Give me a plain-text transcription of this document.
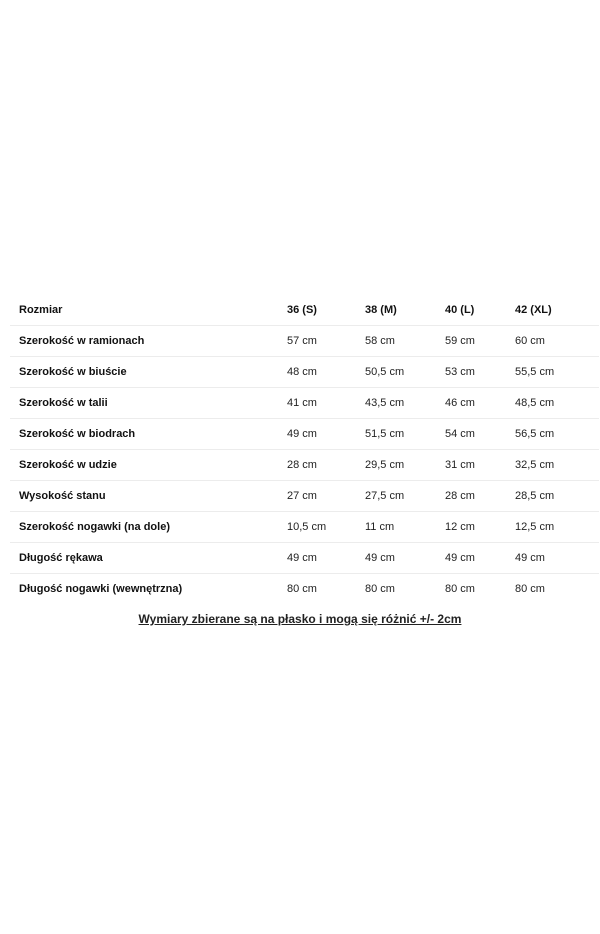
Rozmiar	36 (S)	38 (M)	40 (L)	42 (XL)
Szerokość w ramionach	57 cm	58 cm	59 cm	60 cm
Szerokość w biuście	48 cm	50,5 cm	53 cm	55,5 cm
Szerokość w talii	41 cm	43,5 cm	46 cm	48,5 cm
Szerokość w biodrach	49 cm	51,5 cm	54 cm	56,5 cm
Szerokość w udzie	28 cm	29,5 cm	31 cm	32,5 cm
Wysokość stanu	27 cm	27,5 cm	28 cm	28,5 cm
Szerokość nogawki (na dole)	10,5 cm	11 cm	12 cm	12,5 cm
Długość rękawa	49 cm	49 cm	49 cm	49 cm
Długość nogawki (wewnętrzna)	80 cm	80 cm	80 cm	80 cm
Wymiary zbierane są na płasko i mogą się różnić +/- 2cm
